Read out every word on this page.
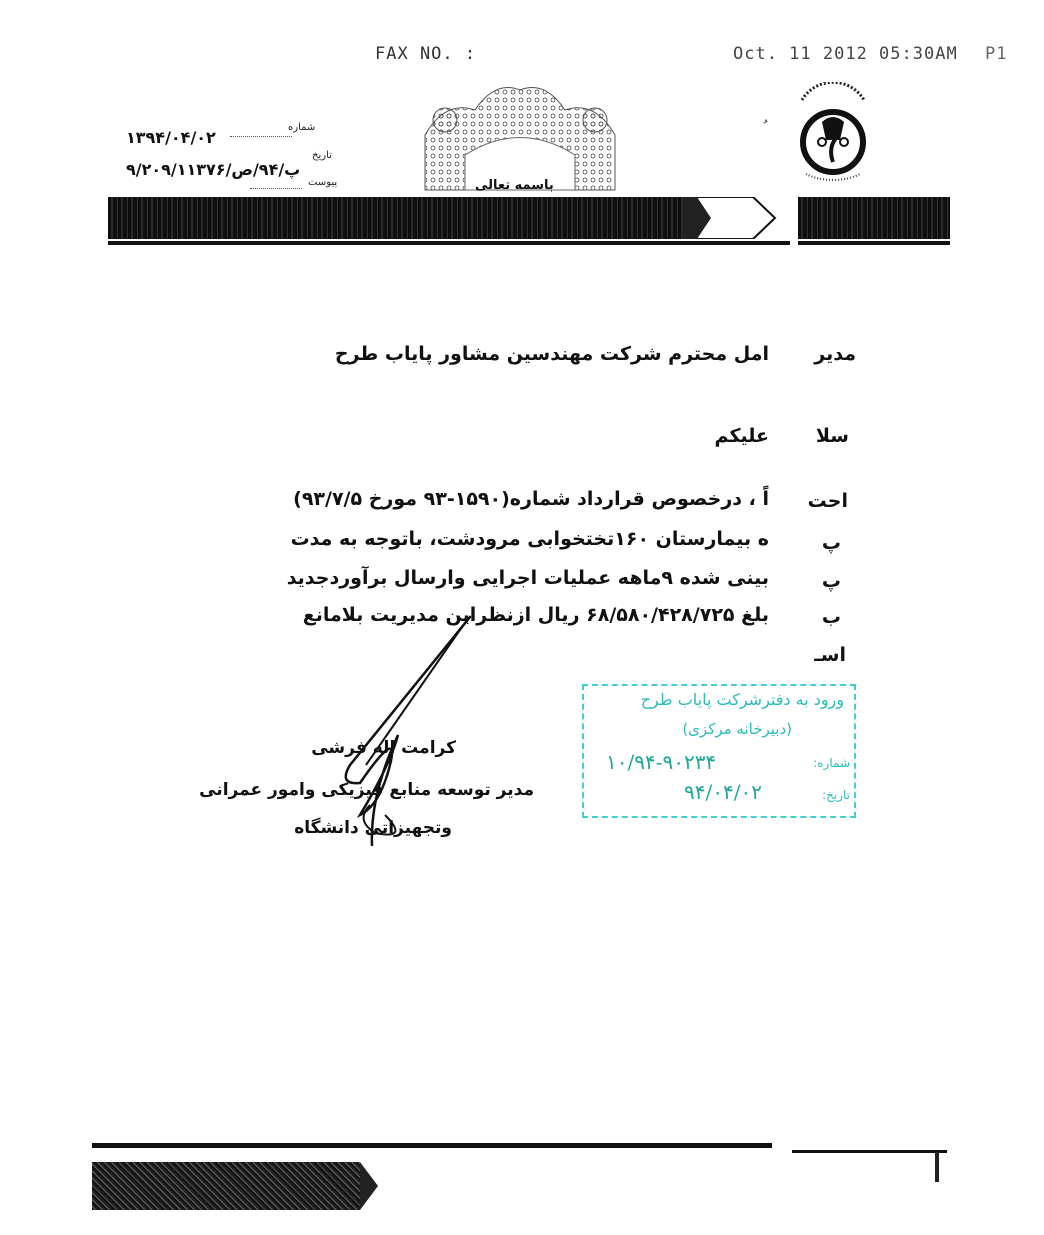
FAX NO. :	Oct. 11 2012 05:30AM P1
شماره
تاریخ
پیوست
۱۳۹۴/۰۴/۰۲
۹/۲۰۹/۱۱۳۷۶/پ/۹۴/ص
باسمه تعالی
مدیر
امل محترم شرکت مهندسین مشاور پایاب طرح
سلا
علیکم
احت
اً ، درخصوص قرارداد شماره(۱۵۹۰-۹۳ مورخ ۹۳/۷/۵)
پ
ه بیمارستان ۱۶۰تختخوابی مرودشت، باتوجه به مدت
پ
بینی شده ۹ماهه عملیات اجرایی وارسال برآوردجدید
ب
بلغ ۶۸/۵۸۰/۴۲۸/۷۲۵ ریال ازنظراین مدیریت بلامانع
اسـ
ورود به دفترشرکت پایاب طرح
(دبیرخانه مرکزی)
شماره:
۱۰/۹۴-۹۰۲۳۴
تاریخ:
۹۴/۰۴/۰۲
کرامت اله فرشی
مدیر توسعه منابع فیزیکی وامور عمرانی
وتجهیزاتی دانشگاه
